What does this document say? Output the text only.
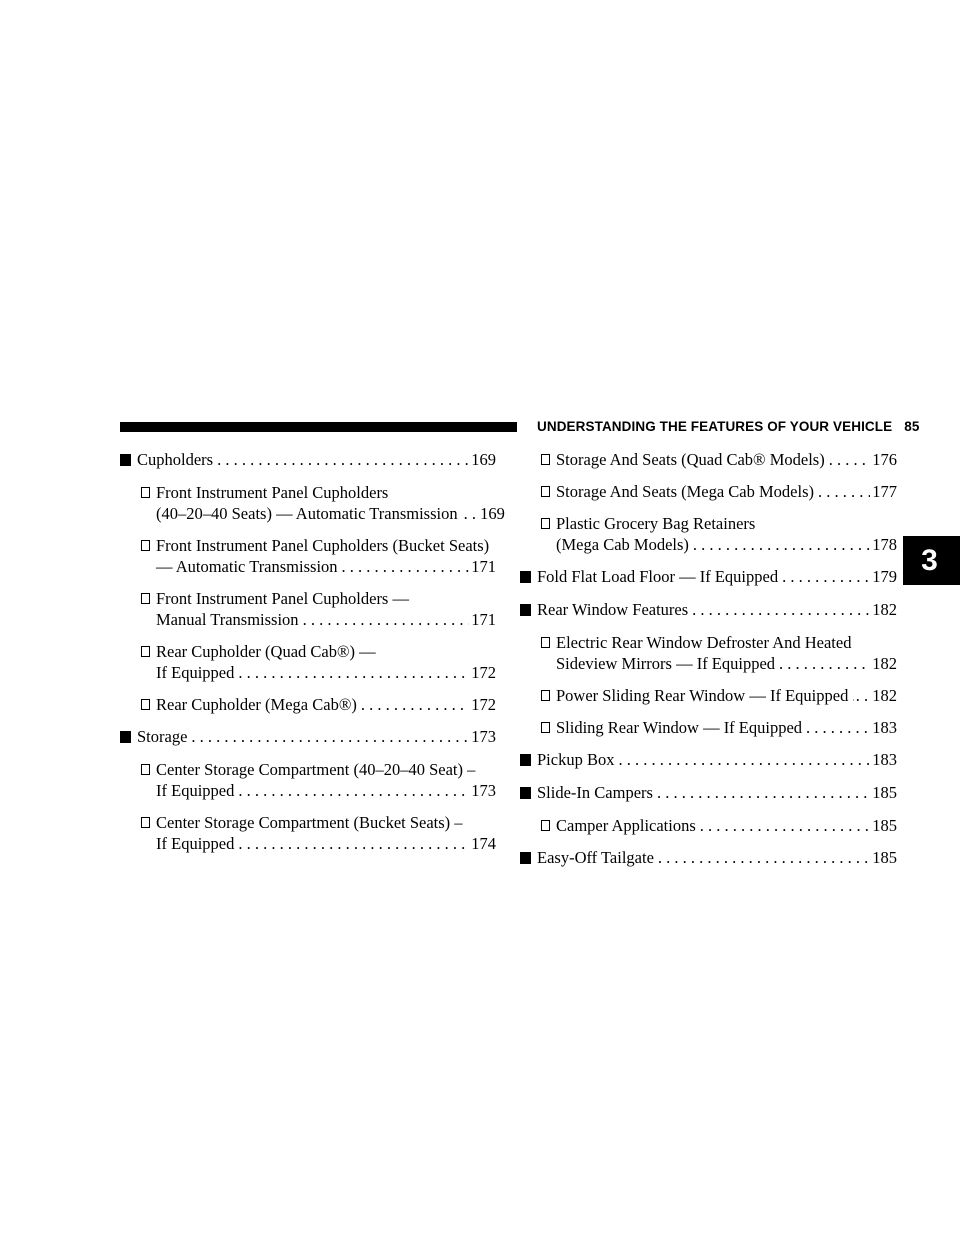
UNDERSTANDING THE FEATURES OF YOUR VEHICLE 85
3
Cupholders . . .	169
Front Instrument Panel Cupholders
(40–20–40 Seats) — Automatic Transmission . . 169
Front Instrument Panel Cupholders (Bucket Seats)
— Automatic Transmission . . .	171
Front Instrument Panel Cupholders —
Manual Transmission . . .	171
Rear Cupholder (Quad Cab®) —
If Equipped . . .	172
Rear Cupholder (Mega Cab®) . . .	172
Storage . . .	173
Center Storage Compartment (40–20–40 Seat) –
If Equipped . . .	173
Center Storage Compartment (Bucket Seats) –
If Equipped . . .	174
Storage And Seats (Quad Cab® Models) . . .	176
Storage And Seats (Mega Cab Models) . . .	177
Plastic Grocery Bag Retainers
(Mega Cab Models) . . .	178
Fold Flat Load Floor — If Equipped . . .	179
Rear Window Features . . .	182
Electric Rear Window Defroster And Heated
Sideview Mirrors — If Equipped . . .	182
Power Sliding Rear Window — If Equipped . . . . . 182
Sliding Rear Window — If Equipped . . .	183
Pickup Box . . .	183
Slide-In Campers . . .	185
Camper Applications . . .	185
Easy-Off Tailgate . . .	185
